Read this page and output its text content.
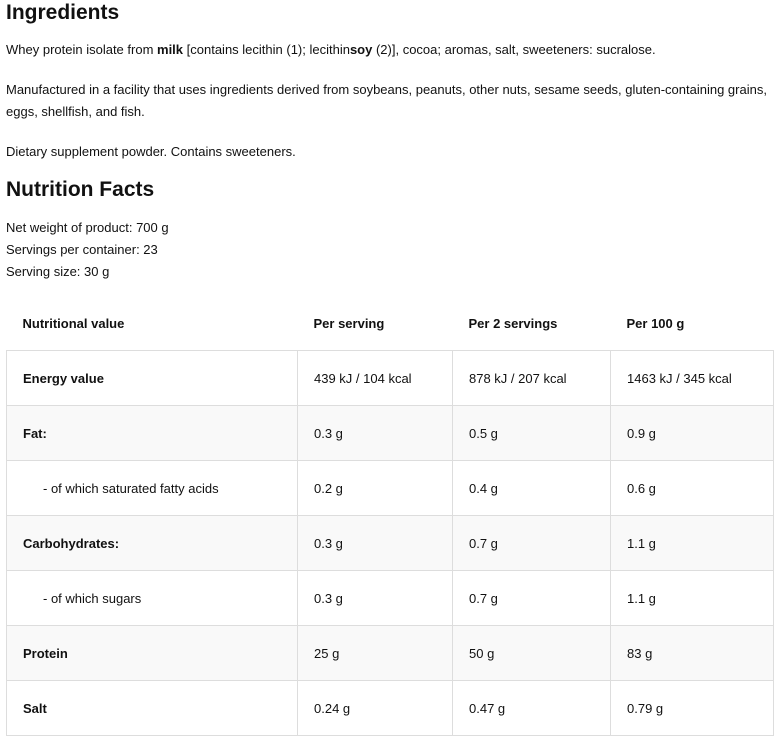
Ingredients

Whey protein isolate from milk [contains lecithin (1); lecithinsoy (2)], cocoa; aromas, salt, sweeteners: sucralose.

Manufactured in a facility that uses ingredients derived from soybeans, peanuts, other nuts, sesame seeds, gluten-containing grains, eggs, shellfish, and fish.

Dietary supplement powder. Contains sweeteners.

Nutrition Facts

Net weight of product: 700 g

Servings per container: 23

Serving size: 30 g

Nutritional value	Per serving	Per 2 servings	Per 100 g
Energy value	439 kJ / 104 kcal	878 kJ / 207 kcal	1463 kJ / 345 kcal
Fat:	0.3 g	0.5 g	0.9 g
- of which saturated fatty acids	0.2 g	0.4 g	0.6 g
Carbohydrates:	0.3 g	0.7 g	1.1 g
- of which sugars	0.3 g	0.7 g	1.1 g
Protein	25 g	50 g	83 g
Salt	0.24 g	0.47 g	0.79 g
